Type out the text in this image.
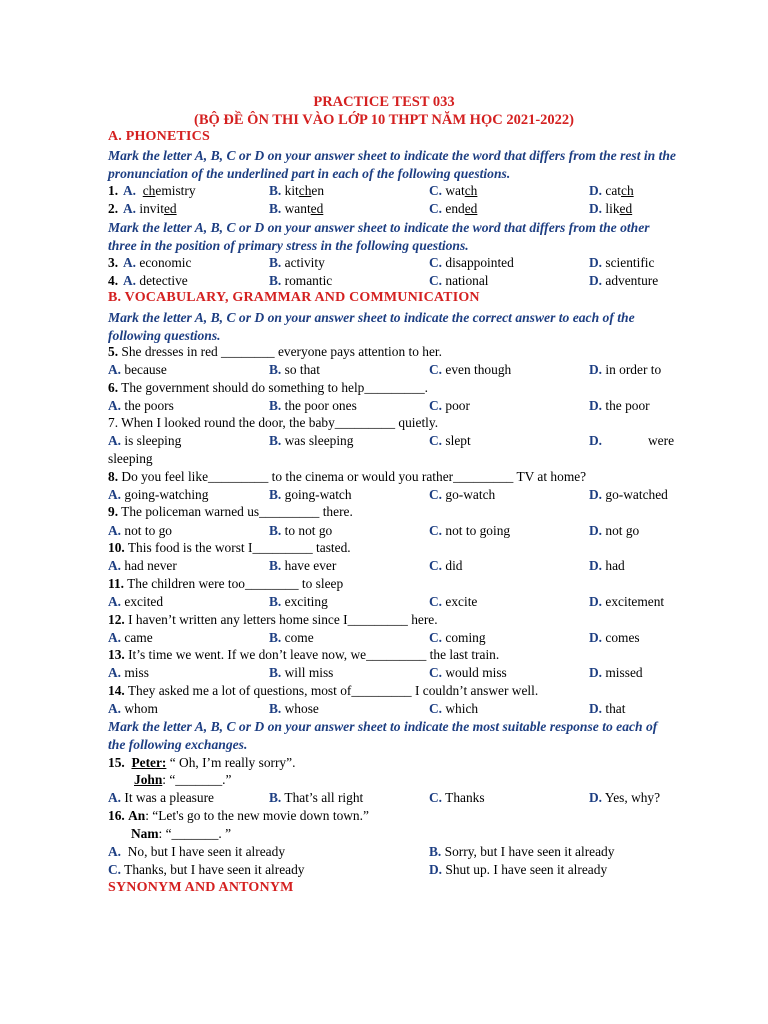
PRACTICE TEST 033
(BỘ ĐỀ ÔN THI VÀO LỚP 10 THPT NĂM HỌC 2021-2022)
A. PHONETICS
Mark the letter A, B, C or D on your answer sheet to indicate the word that differs from the rest in the pronunciation of the underlined part in each of the following questions.
1. A. chemistry	B. kitchen	C. watch	D. catch
2. A. invited	B. wanted	C. ended	D. liked
Mark the letter A, B, C or D on your answer sheet to indicate the word that differs from the other three in the position of primary stress in the following questions.
3. A. economic	B. activity	C. disappointed	D. scientific
4. A. detective	B. romantic	C. national	D. adventure
B. VOCABULARY, GRAMMAR AND COMMUNICATION
Mark the letter A, B, C or D on your answer sheet to indicate the correct answer to each of the following questions.
5. She dresses in red ________ everyone pays attention to her.
A. because	B. so that	C. even though	D. in order to
6. The government should do something to help_________.
A. the poors	B. the poor ones	C. poor	D. the poor
7. When I looked round the door, the baby_________ quietly.
A. is sleeping	B. was sleeping	C. slept	D.	were
sleeping
8. Do you feel like_________ to the cinema or would you rather_________ TV at home?
A. going-watching	B. going-watch	C. go-watch	D. go-watched
9. The policeman warned us_________ there.
A. not to go	B. to not go	C. not to going	D. not go
10. This food is the worst I_________ tasted.
A. had never	B. have ever	C. did	D. had
11. The children were too________ to sleep
A. excited	B. exciting	C. excite	D. excitement
12. I haven’t written any letters home since I_________ here.
A. came	B. come	C. coming	D. comes
13. It’s time we went. If we don’t leave now, we_________ the last train.
A. miss	B. will miss	C. would miss	D. missed
14. They asked me a lot of questions, most of_________ I couldn’t answer well.
A. whom	B. whose	C. which	D. that
Mark the letter A, B, C or D on your answer sheet to indicate the most suitable response to each of the following exchanges.
15. Peter: “ Oh, I’m really sorry”.
John: “_______.”
A. It was a pleasure	B. That’s all right	C. Thanks	D. Yes, why?
16. An: “Let's go to the new movie down town.”
Nam: “_______. ”
A. No, but I have seen it already	B. Sorry, but I have seen it already
C. Thanks, but I have seen it already	D. Shut up. I have seen it already
SYNONYM AND ANTONYM
